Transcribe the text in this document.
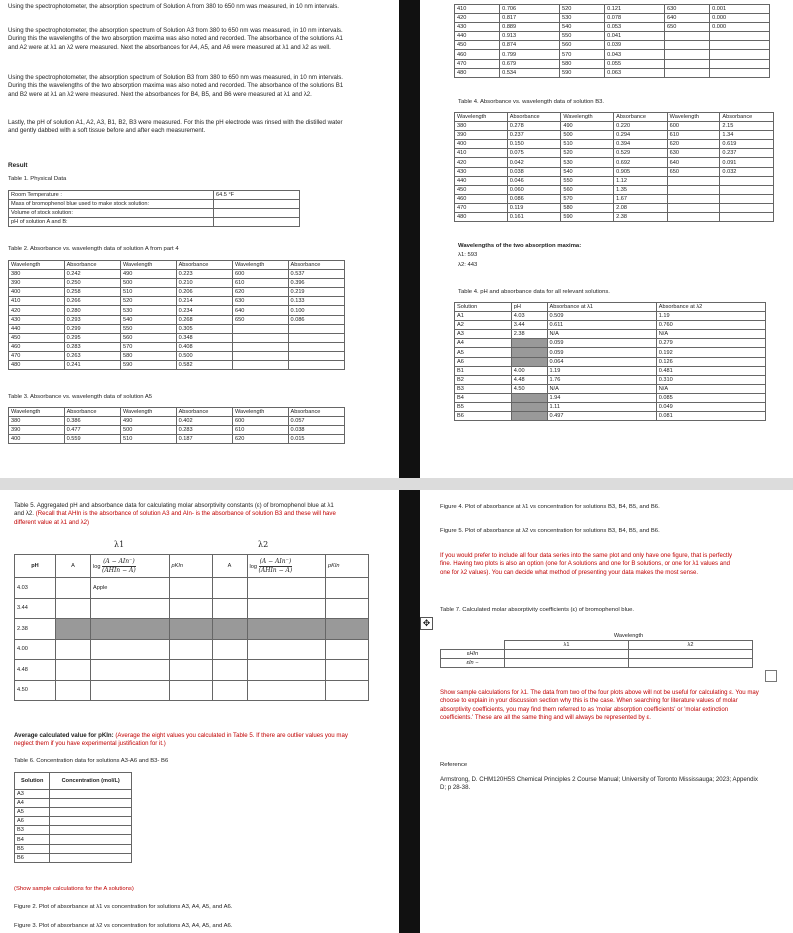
Using the spectrophotometer, the absorption spectrum of Solution A from 380 to 650 nm was measured, in 10 nm intervals.

Using the spectrophotometer, the absorption spectrum of Solution A3 from 380 to 650 nm was measured, in 10 nm intervals. During this the wavelengths of the two absorption maxima was also noted and recorded. The absorbance of the solutions A1 and A2 were at λ1 an λ2 were measured. Next the absorbances for A4, A5, and A6 were measured at λ1 and λ2 as well.

Using the spectrophotometer, the absorption spectrum of Solution B3 from 380 to 650 nm was measured, in 10 nm intervals. During this the wavelengths of the two absorption maxima was also noted and recorded. The absorbance of the solutions B1 and B2 were at λ1 an λ2 were measured. Next the absorbances for B4, B5, and B6 were measured at λ1 and λ2.

Lastly, the pH of solution A1, A2, A3, B1, B2, B3 were measured. For this the pH electrode was rinsed with the distilled water and gently dabbed with a soft tissue before and after each measurement.

Result

Table 1. Physical Data

Room Temperature :	64.5 °F
Mass of bromophenol blue used to make stock solution:	
Volume of stock solution:	
pH of solution A and B:	

Table 2. Absorbance vs. wavelength data of solution A from part 4

Wavelength	Absorbance	Wavelength	Absorbance	Wavelength	Absorbance
380	0.242	490	0.223	600	0.537
390	0.250	500	0.210	610	0.396
400	0.258	510	0.206	620	0.219
410	0.266	520	0.214	630	0.133
420	0.280	530	0.234	640	0.100
430	0.293	540	0.268	650	0.086
440	0.299	550	0.305		
450	0.295	560	0.348		
460	0.283	570	0.408		
470	0.263	580	0.500		
480	0.241	590	0.582		

Table 3. Absorbance vs. wavelength data of solution A5

Wavelength	Absorbance	Wavelength	Absorbance	Wavelength	Absorbance
380	0.386	490	0.402	600	0.057
390	0.477	500	0.283	610	0.038
400	0.559	510	0.187	620	0.015
410	0.706	520	0.121	630	0.001
420	0.817	530	0.078	640	0.000
430	0.889	540	0.053	650	0.000
440	0.913	550	0.041		
450	0.874	560	0.039		
460	0.799	570	0.043		
470	0.679	580	0.055		
480	0.534	590	0.063		

Table 4. Absorbance vs. wavelength data of solution B3.

Wavelength	Absorbance	Wavelength	Absorbance	Wavelength	Absorbance
380	0.278	490	0.220	600	2.15
390	0.237	500	0.294	610	1.34
400	0.150	510	0.394	620	0.619
410	0.075	520	0.529	630	0.237
420	0.042	530	0.692	640	0.091
430	0.038	540	0.905	650	0.032
440	0.046	550	1.12		
450	0.060	560	1.35		
460	0.086	570	1.67		
470	0.119	580	2.08		
480	0.161	590	2.38		

Wavelengths of the two absorption maxima:

λ1: 593

λ2: 443

Table 4. pH and absorbance data for all relevant solutions.

Solution	pH	Absorbance at λ1	Absorbance at λ2
A1	4.03	0.509	1.19
A2	3.44	0.611	0.760
A3	2.38	N/A	N/A
A4		0.059	0.279
A5		0.059	0.192
A6		0.064	0.126
B1	4.00	1.19	0.481
B2	4.48	1.76	0.310
B3	4.50	N/A	N/A
B4		1.94	0.085
B5		1.11	0.049
B6		0.497	0.081

Table 5. Aggregated pH and absorbance data for calculating molar absorptivity constants (ε) of bromophenol blue at λ1 and λ2. (Recall that AHIn is the absorbance of solution A3 and AIn- is the absorbance of solution B3 and these will have different value at λ1 and λ2)

λ1	λ2
pH	A	$\log \frac{\text{(A − AIn⁻)}}{\text{(AHIn − A)}}$	pKIn	A	$\log \frac{\text{(A − AIn⁻)}}{\text{(AHIn − A)}}$	pKIn
4.03		Apple				
3.44						
2.38						
4.00						
4.48						
4.50						

Average calculated value for pKIn: (Average the eight values you calculated in Table 5. If there are outlier values you may neglect them if you have experimental justification for it.)

Table 6. Concentration data for solutions A3-A6 and B3- B6

Solution	Concentration (mol/L)
A3	
A4	
A5	
A6	
B3	
B4	
B5	
B6	

(Show sample calculations for the A solutions)

Figure 2. Plot of absorbance at λ1 vs concentration for solutions A3, A4, A5, and A6.

Figure 3. Plot of absorbance at λ2 vs concentration for solutions A3, A4, A5, and A6.

Figure 4. Plot of absorbance at λ1 vs concentration for solutions B3, B4, B5, and B6.

Figure 5. Plot of absorbance at λ2 vs concentration for solutions B3, B4, B5, and B6.

If you would prefer to include all four data series into the same plot and only have one figure, that is perfectly fine. Having two plots is also an option (one for A solutions and one for B solutions, or one for λ1 values and one for λ2 values). You can decide what method of presenting your data makes the most sense.

Table 7. Calculated molar absorptivity coefficients (ε) of bromophenol blue.

	Wavelength	
	λ1	λ2
εHIn		
εIn −		

Show sample calculations for λ1. The data from two of the four plots above will not be useful for calculating ε. You may choose to explain in your discussion section why this is the case. When searching for literature values of molar absorptivity coefficients, you may find them referred to as 'molar absorption coefficients' or 'molar extinction coefficients.' These are all the same thing and will always be represented by ε.

Reference

Armstrong, D. CHM120H5S Chemical Principles 2 Course Manual; University of Toronto Mississauga; 2023; Appendix D; p 28-38.

✥
